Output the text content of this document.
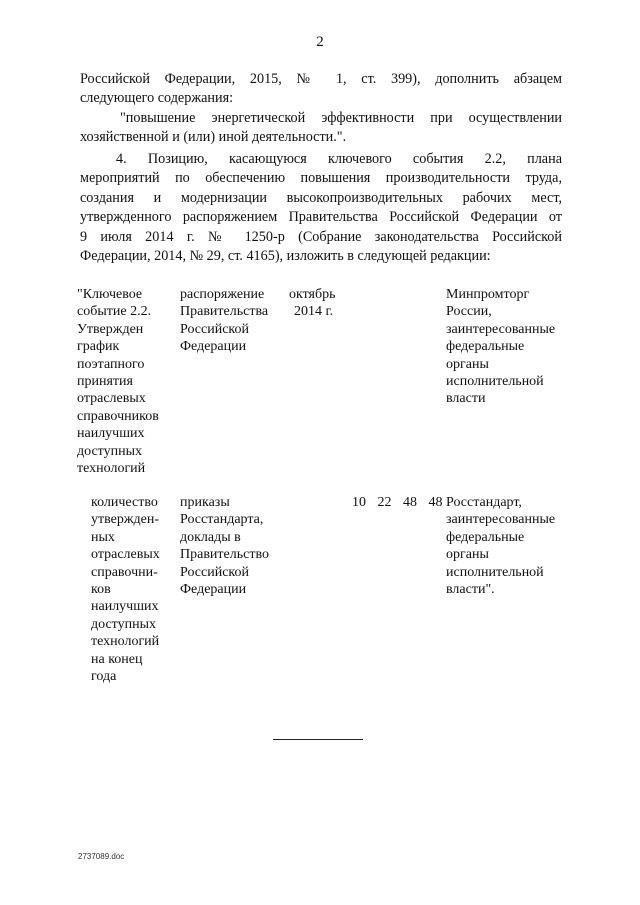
2
Российской Федерации, 2015, № 1, ст. 399), дополнить абзацем
следующего содержания:
"повышение энергетической эффективности при осуществлении
хозяйственной и (или) иной деятельности.".
4. Позицию, касающуюся ключевого события 2.2, плана
мероприятий по обеспечению повышения производительности труда,
создания и модернизации высокопроизводительных рабочих мест,
утвержденного распоряжением Правительства Российской Федерации от
9 июля 2014 г. № 1250-р (Собрание законодательства Российской
Федерации, 2014, № 29, ст. 4165), изложить в следующей редакции:
"Ключевое
событие 2.2.
Утвержден
график
поэтапного
принятия
отраслевых
справочников
наилучших
доступных
технологий
распоряжение
Правительства
Российской
Федерации
октябрь
2014 г.
Минпромторг
России,
заинтересованные
федеральные
органы
исполнительной
власти
количество
утвержден-
ных
отраслевых
справочни-
ков
наилучших
доступных
технологий
на конец
года
приказы
Росстандарта,
доклады в
Правительство
Российской
Федерации
10 22 48 48 Росстандарт,
заинтересованные
федеральные
органы
исполнительной
власти".
2737089.doc
